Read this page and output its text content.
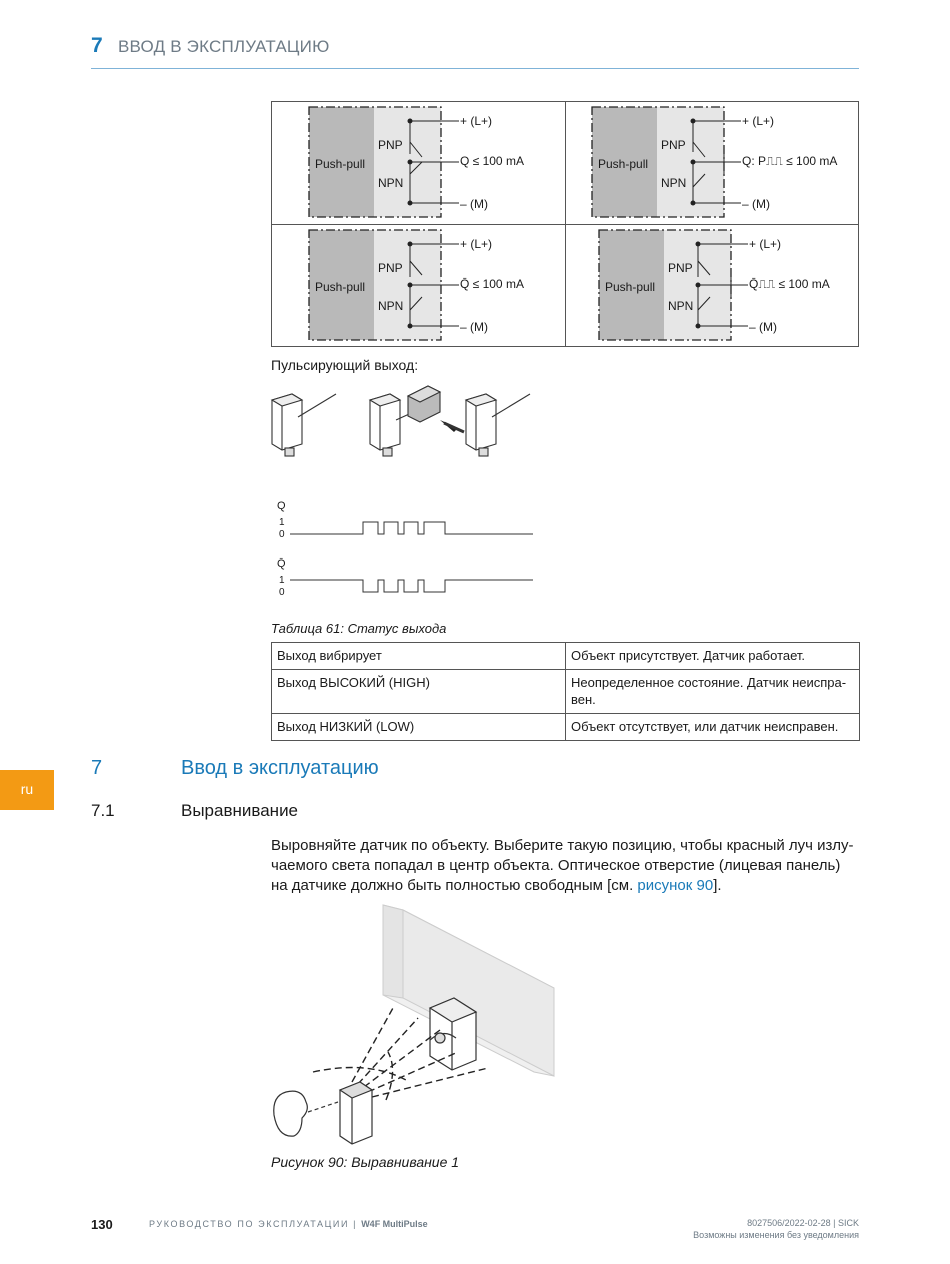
7 ВВОД В ЭКСПЛУАТАЦИЮ
Push-pull
PNP
NPN
+ (L+)
Q ≤ 100 mA
– (M)
Push-pull
PNP
NPN
+ (L+)
Q: P⎍⎍ ≤ 100 mA
– (M)
Push-pull
PNP
NPN
+ (L+)
Q̄ ≤ 100 mA
– (M)
Push-pull
PNP
NPN
+ (L+)
Q̄⎍⎍ ≤ 100 mA
– (M)
Пульсирующий выход:
Q
1
0
Q̄
1
0
Таблица 61: Статус выхода
Выход вибрирует	Объект присутствует. Датчик работает.
Выход ВЫСОКИЙ (HIGH)	Неопределенное состояние. Датчик неиспра-
вен.
Выход НИЗКИЙ (LOW)	Объект отсутствует, или датчик неисправен.
ru
7	Ввод в эксплуатацию
7.1	Выравнивание
Выровняйте датчик по объекту. Выберите такую позицию, чтобы красный луч излу-чаемого света попадал в центр объекта. Оптическое отверстие (лицевая панель) на датчике должно быть полностью свободным [см. рисунок 90].
Рисунок 90: Выравнивание 1
130	РУКОВОДСТВО ПО ЭКСПЛУАТАЦИИ | W4F MultiPulse	8027506/2022-02-28 | SICK
Возможны изменения без уведомления
